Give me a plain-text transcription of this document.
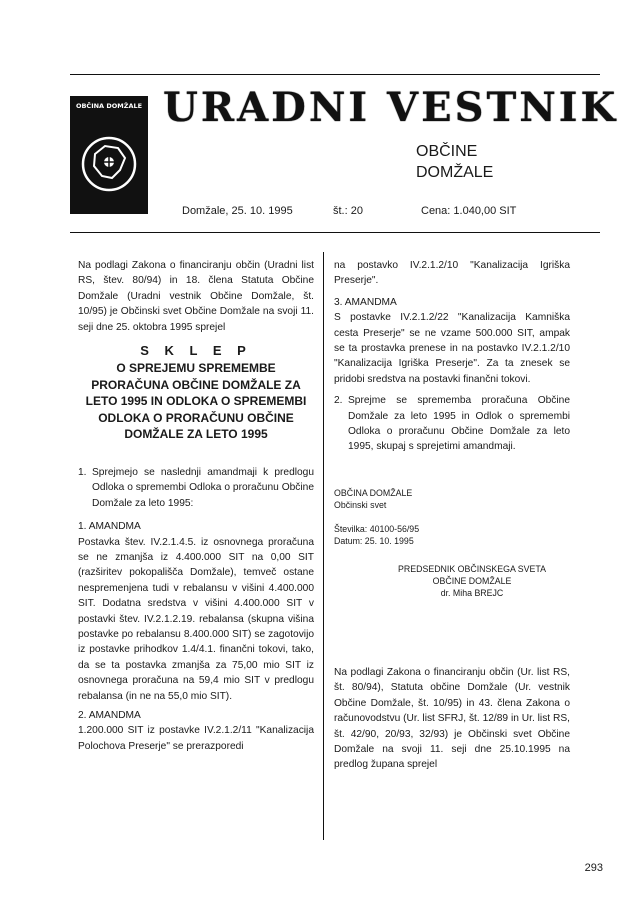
OBČINA DOMŽALE URADNI VESTNIK
OBČINE
DOMŽALE
Domžale, 25. 10. 1995	št.: 20	Cena: 1.040,00 SIT

Na podlagi Zakona o financiranju občin (Uradni list RS, štev. 80/94) in 18. člena Statuta Občine Domžale (Uradni vestnik Občine Domžale, št. 10/95) je Občinski svet Občine Domžale na svoji 11. seji dne 25. oktobra 1995 sprejel

S K L E P
O SPREJEMU SPREMEMBE PRORAČUNA OBČINE DOMŽALE ZA LETO 1995 IN ODLOKA O SPREMEMBI ODLOKA O PRORAČUNU OBČINE DOMŽALE ZA LETO 1995
1. Sprejmejo se naslednji amandmaji k predlogu Odloka o spremembi Odloka o proračunu Občine Domžale za leto 1995:
1. AMANDMA

Postavka štev. IV.2.1.4.5. iz osnovnega proračuna se ne zmanjša iz 4.400.000 SIT na 0,00 SIT (razširitev pokopališča Domžale), temveč ostane nespremenjena tudi v rebalansu v višini 4.400.000 SIT. Dodatna sredstva v višini 4.400.000 SIT v postavki štev. IV.2.1.2.19. rebalansa (skupna višina postavke po rebalansu 8.400.000 SIT) se zagotovijo iz postavke prihodkov 1.4/4.1. finančni tokovi, tako, da se ta postavka zmanjša za 75,00 mio SIT iz osnovnega proračuna na 59,4 mio SIT v predlogu rebalansa (in ne na 55,0 mio SIT).

2. AMANDMA

1.200.000 SIT iz postavke IV.2.1.2/11 "Kanalizacija Polochova Preserje" se prerazporedi

na postavko IV.2.1.2/10 "Kanalizacija Igriška Preserje".

3. AMANDMA

S postavke IV.2.1.2/22 "Kanalizacija Kamniška cesta Preserje" se ne vzame 500.000 SIT, ampak se ta prostavka prenese in na postavko IV.2.1.2/10 "Kanalizacija Igriška Preserje". Za ta znesek se pridobi sredstva na postavki finančni tokovi.

2. Sprejme se sprememba proračuna Občine Domžale za leto 1995 in Odlok o spremembi Odloka o proračunu Občine Domžale za leto 1995, skupaj s sprejetimi amandmaji.
OBČINA DOMŽALE
Občinski svet
Številka: 40100-56/95
Datum: 25. 10. 1995
PREDSEDNIK OBČINSKEGA SVETA
OBČINE DOMŽALE
dr. Miha BREJC

Na podlagi Zakona o financiranju občin (Ur. list RS, št. 80/94), Statuta občine Domžale (Ur. vestnik Občine Domžale, št. 10/95) in 43. člena Zakona o računovodstvu (Ur. list SFRJ, št. 12/89 in Ur. list RS, št. 42/90, 20/93, 32/93) je Občinski svet Občine Domžale na svoji 11. seji dne 25.10.1995 na predlog župana sprejel

293
